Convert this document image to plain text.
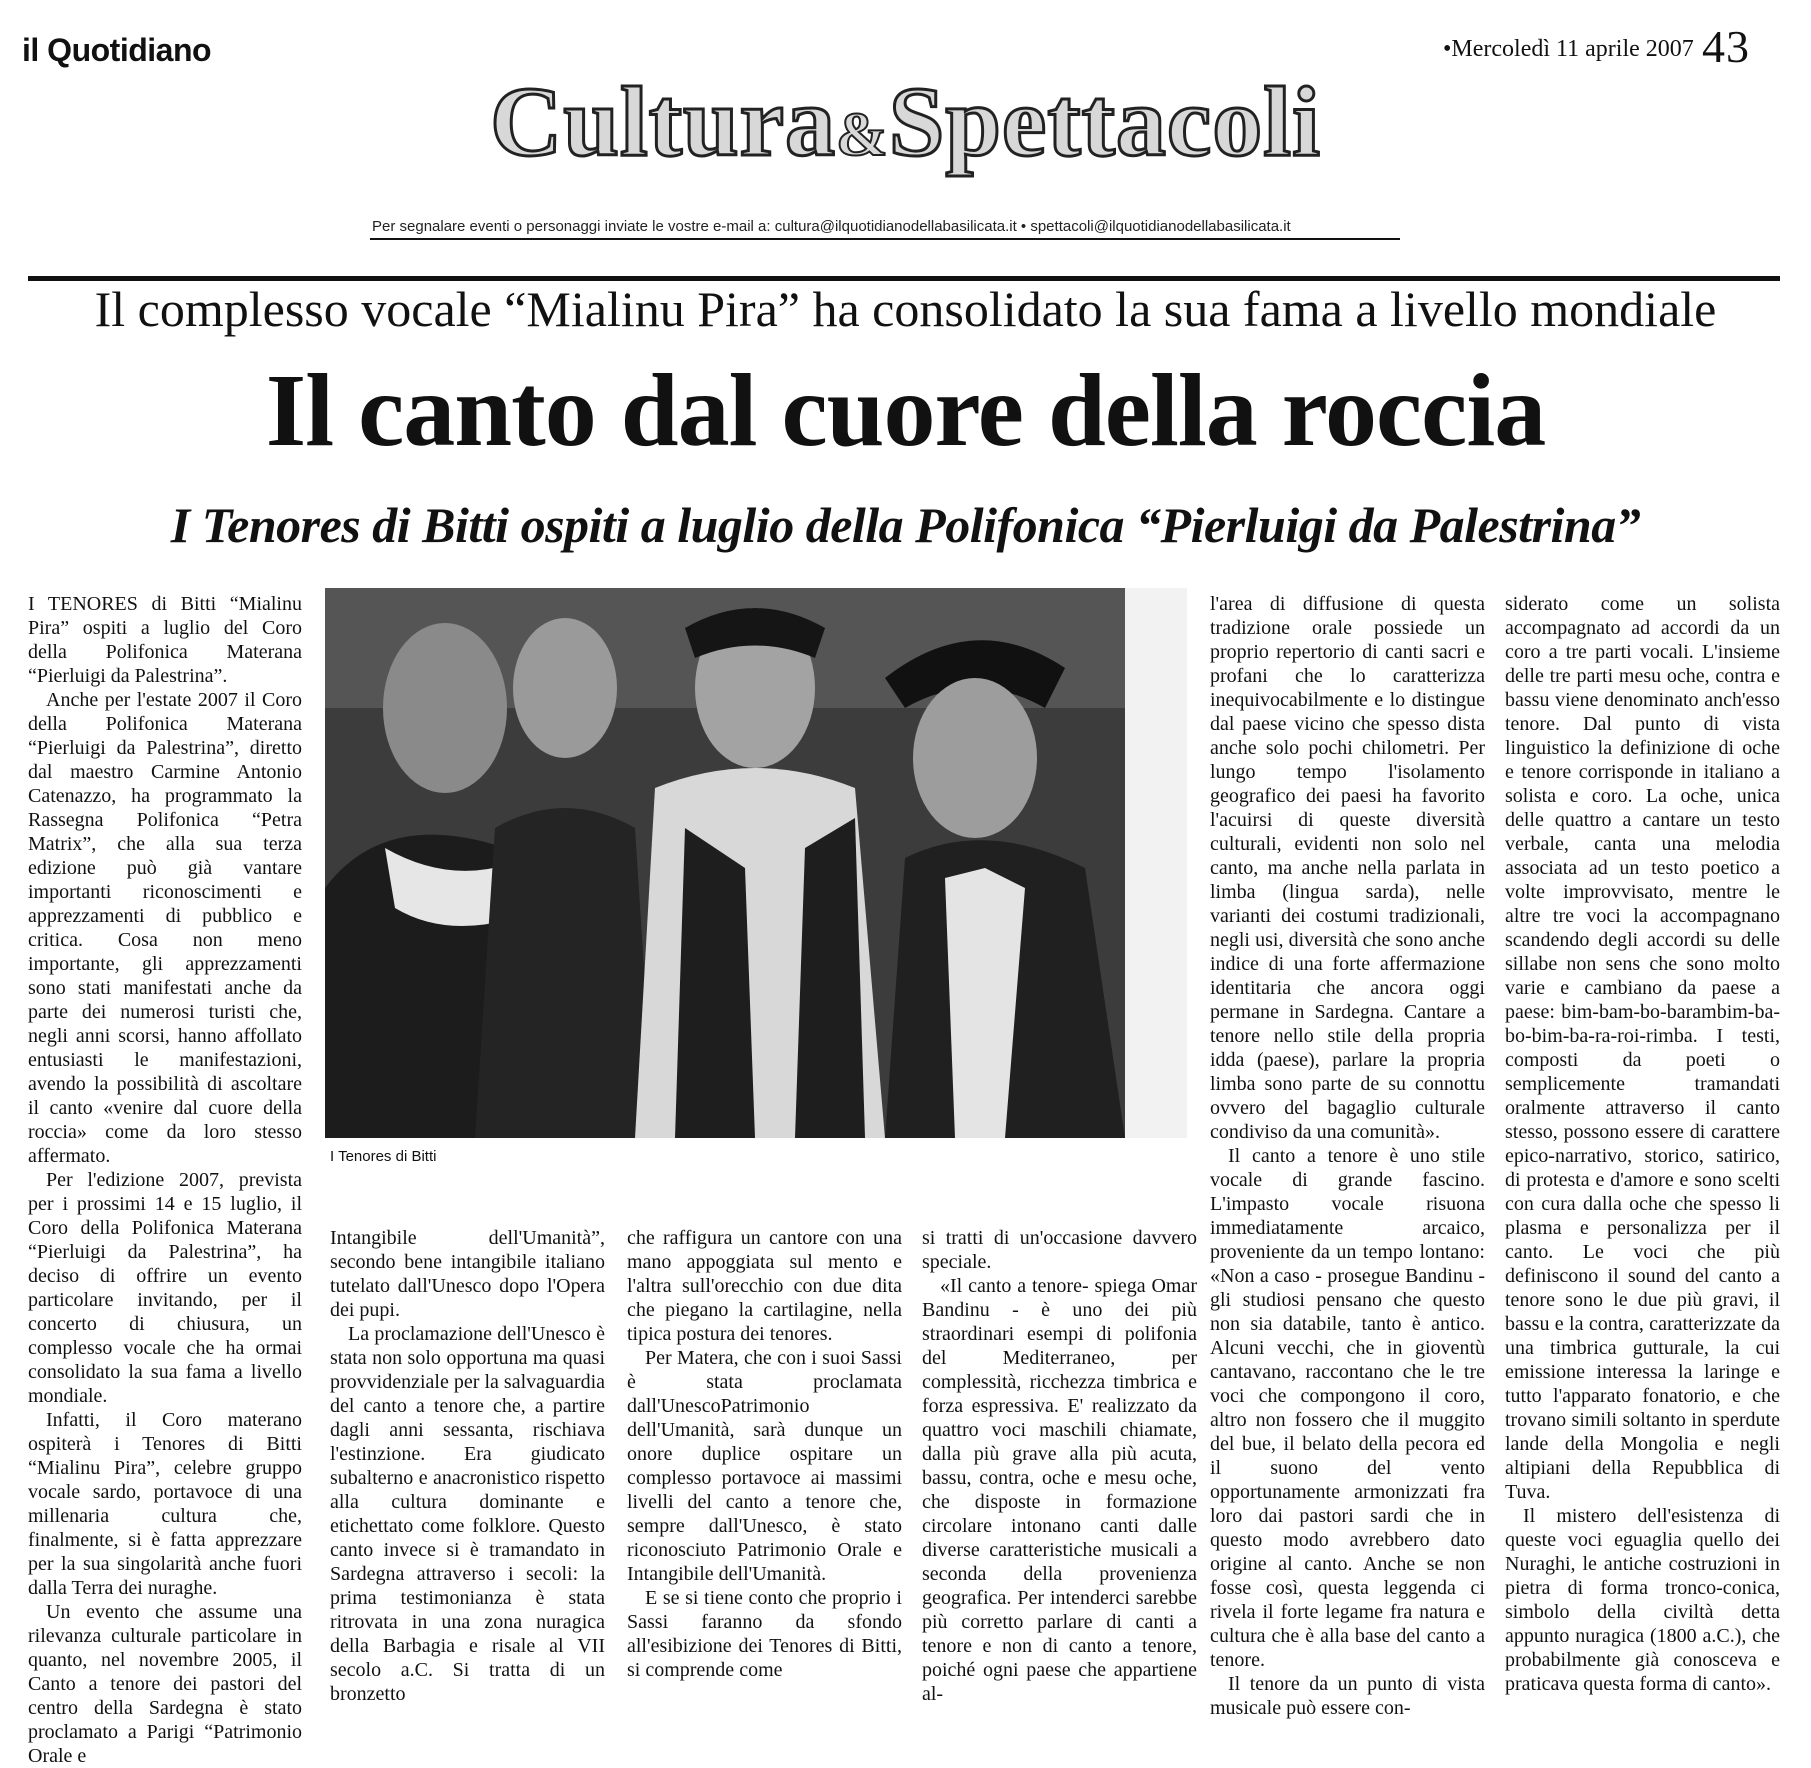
il Quotidiano	•Mercoledì 11 aprile 2007 43
Cultura&Spettacoli
Per segnalare eventi o personaggi inviate le vostre e-mail a: cultura@ilquotidianodellabasilicata.it • spettacoli@ilquotidianodellabasilicata.it
Il complesso vocale “Mialinu Pira” ha consolidato la sua fama a livello mondiale
Il canto dal cuore della roccia
I Tenores di Bitti ospiti a luglio della Polifonica “Pierluigi da Palestrina”
I Tenores di Bitti

I TENORES di Bitti “Mialinu Pira” ospiti a luglio del Coro della Polifonica Materana “Pierluigi da Palestrina”.

Anche per l'estate 2007 il Coro della Polifonica Materana “Pierluigi da Palestrina”, diretto dal maestro Carmine Antonio Catenazzo, ha programmato la Rassegna Polifonica “Petra Matrix”, che alla sua terza edizione può già vantare importanti riconoscimenti e apprezzamenti di pubblico e critica. Cosa non meno importante, gli apprezzamenti sono stati manifestati anche da parte dei numerosi turisti che, negli anni scorsi, hanno affollato entusiasti le manifestazioni, avendo la possibilità di ascoltare il canto «venire dal cuore della roccia» come da loro stesso affermato.

Per l'edizione 2007, prevista per i prossimi 14 e 15 luglio, il Coro della Polifonica Materana “Pierluigi da Palestrina”, ha deciso di offrire un evento particolare invitando, per il concerto di chiusura, un complesso vocale che ha ormai consolidato la sua fama a livello mondiale.

Infatti, il Coro materano ospiterà i Tenores di Bitti “Mialinu Pira”, celebre gruppo vocale sardo, portavoce di una millenaria cultura che, finalmente, si è fatta apprezzare per la sua singolarità anche fuori dalla Terra dei nuraghe.

Un evento che assume una rilevanza culturale particolare in quanto, nel novembre 2005, il Canto a tenore dei pastori del centro della Sardegna è stato proclamato a Parigi “Patrimonio Orale e

Intangibile dell'Umanità”, secondo bene intangibile italiano tutelato dall'Unesco dopo l'Opera dei pupi.

La proclamazione dell'Unesco è stata non solo opportuna ma quasi provvidenziale per la salvaguardia del canto a tenore che, a partire dagli anni sessanta, rischiava l'estinzione. Era giudicato subalterno e anacronistico rispetto alla cultura dominante e etichettato come folklore. Questo canto invece si è tramandato in Sardegna attraverso i secoli: la prima testimonianza è stata ritrovata in una zona nuragica della Barbagia e risale al VII secolo a.C. Si tratta di un bronzetto

che raffigura un cantore con una mano appoggiata sul mento e l'altra sull'orecchio con due dita che piegano la cartilagine, nella tipica postura dei tenores.

Per Matera, che con i suoi Sassi è stata proclamata dall'UnescoPatrimonio dell'Umanità, sarà dunque un onore duplice ospitare un complesso portavoce ai massimi livelli del canto a tenore che, sempre dall'Unesco, è stato riconosciuto Patrimonio Orale e Intangibile dell'Umanità.

E se si tiene conto che proprio i Sassi faranno da sfondo all'esibizione dei Tenores di Bitti, si comprende come

si tratti di un'occasione davvero speciale.

«Il canto a tenore- spiega Omar Bandinu - è uno dei più straordinari esempi di polifonia del Mediterraneo, per complessità, ricchezza timbrica e forza espressiva. E' realizzato da quattro voci maschili chiamate, dalla più grave alla più acuta, bassu, contra, oche e mesu oche, che disposte in formazione circolare intonano canti dalle diverse caratteristiche musicali a seconda della provenienza geografica. Per intenderci sarebbe più corretto parlare di canti a tenore e non di canto a tenore, poiché ogni paese che appartiene al-

l'area di diffusione di questa tradizione orale possiede un proprio repertorio di canti sacri e profani che lo caratterizza inequivocabilmente e lo distingue dal paese vicino che spesso dista anche solo pochi chilometri. Per lungo tempo l'isolamento geografico dei paesi ha favorito l'acuirsi di queste diversità culturali, evidenti non solo nel canto, ma anche nella parlata in limba (lingua sarda), nelle varianti dei costumi tradizionali, negli usi, diversità che sono anche indice di una forte affermazione identitaria che ancora oggi permane in Sardegna. Cantare a tenore nello stile della propria idda (paese), parlare la propria limba sono parte de su connottu ovvero del bagaglio culturale condiviso da una comunità».

Il canto a tenore è uno stile vocale di grande fascino. L'impasto vocale risuona immediatamente arcaico, proveniente da un tempo lontano: «Non a caso - prosegue Bandinu - gli studiosi pensano che questo non sia databile, tanto è antico. Alcuni vecchi, che in gioventù cantavano, raccontano che le tre voci che compongono il coro, altro non fossero che il muggito del bue, il belato della pecora ed il suono del vento opportunamente armonizzati fra loro dai pastori sardi che in questo modo avrebbero dato origine al canto. Anche se non fosse così, questa leggenda ci rivela il forte legame fra natura e cultura che è alla base del canto a tenore.

Il tenore da un punto di vista musicale può essere con-

siderato come un solista accompagnato ad accordi da un coro a tre parti vocali. L'insieme delle tre parti mesu oche, contra e bassu viene denominato anch'esso tenore. Dal punto di vista linguistico la definizione di oche e tenore corrisponde in italiano a solista e coro. La oche, unica delle quattro a cantare un testo verbale, canta una melodia associata ad un testo poetico a volte improvvisato, mentre le altre tre voci la accompagnano scandendo degli accordi su delle sillabe non sens che sono molto varie e cambiano da paese a paese: bim-bam-bo-barambim-ba-bo-bim-ba-ra-roi-rimba. I testi, composti da poeti o semplicemente tramandati oralmente attraverso il canto stesso, possono essere di carattere epico-narrativo, storico, satirico, di protesta e d'amore e sono scelti con cura dalla oche che spesso li plasma e personalizza per il canto. Le voci che più definiscono il sound del canto a tenore sono le due più gravi, il bassu e la contra, caratterizzate da una timbrica gutturale, la cui emissione interessa la laringe e tutto l'apparato fonatorio, e che trovano simili soltanto in sperdute lande della Mongolia e negli altipiani della Repubblica di Tuva.

Il mistero dell'esistenza di queste voci eguaglia quello dei Nuraghi, le antiche costruzioni in pietra di forma tronco-conica, simbolo della civiltà detta appunto nuragica (1800 a.C.), che probabilmente già conosceva e praticava questa forma di canto».
